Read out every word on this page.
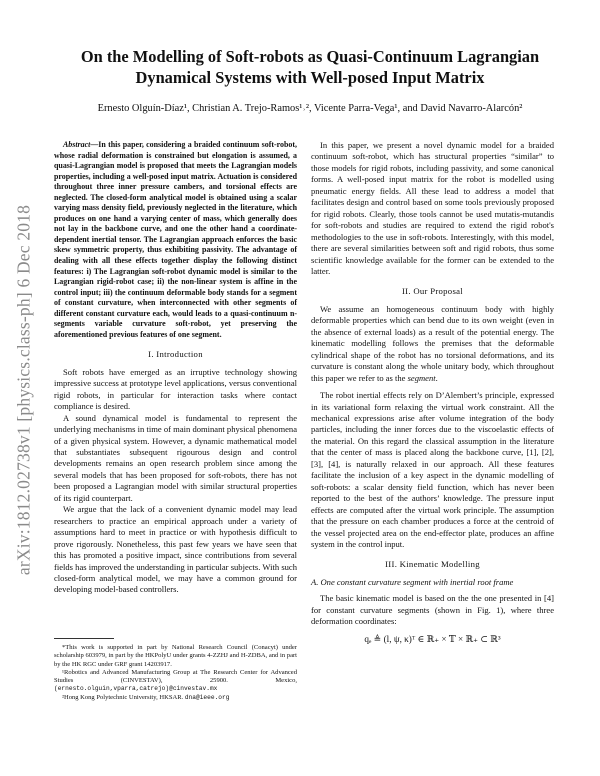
arXiv:1812.02738v1 [physics.class-ph] 6 Dec 2018
On the Modelling of Soft-robots as Quasi-Continuum Lagrangian
Dynamical Systems with Well-posed Input Matrix
Ernesto Olguín-Díaz¹, Christian A. Trejo-Ramos¹˒², Vicente Parra-Vega¹, and David Navarro-Alarcón²

Abstract—In this paper, considering a braided continuum soft-robot, whose radial deformation is constrained but elongation is assumed, a quasi-Lagrangian model is proposed that meets the Lagrangian models properties, including a well-posed input matrix. Actuation is considered throughout three inner pressure cambers, and torsional effects are neglected. The closed-form analytical model is obtained using a scalar varying mass density field, previously neglected in the literature, which produces on one hand a varying center of mass, which generally does not lay in the backbone curve, and one the other hand a coordinate-dependent inertial tensor. The Lagrangian approach enforces the basic skew symmetric property, thus exhibiting passivity. The advantage of dealing with all these effects together display the following distinct features: i) The Lagrangian soft-robot dynamic model is similar to the Lagrangian rigid-robot case; ii) the non-linear system is affine in the control input; iii) the continuum deformable body stands for a segment of constant curvature, when interconnected with other segments of different constant curvature each, would leads to a quasi-continuum n-segments variable curvature soft-robot, yet preserving the aforementioned previous features of one segment.

I. Introduction

Soft robots have emerged as an irruptive technology showing impressive success at prototype level applications, versus conventional rigid robots, in particular for interaction tasks where contact compliance is desired.

A sound dynamical model is fundamental to represent the underlying mechanisms in time of main dominant physical phenomena of a given physical system. However, a dynamic mathematical model that substantiates subsequent rigourous design and control developments remains an open research problem since among the several models that has been proposed for soft-robots, there has not been proposed a Lagrangian model with similar structural properties of its rigid counterpart.

We argue that the lack of a convenient dynamic model may lead researchers to practice an empirical approach under a variety of assumptions hard to meet in practice or with hypothesis difficult to prove rigorously. Nonetheless, this past few years we have seen that this has promoted a positive impact, since contributions from several fields has improved the understanding in particular subjects. With such closed-form analytical model, we may have a common ground for developing model-based controllers.

*This work is supported in part by National Research Council (Conacyt) under scholarship 603979, in part by the HKPolyU under grants 4-ZZHJ and H-ZDBA, and in part by the HK RGC under GRF grant 14203917.

¹Robotics and Advanced Manufacturing Group at The Research Center for Advanced Studies (CINVESTAV), 25900. Mexico, (ernesto.olguin,vparra,catrejo)@cinvestav.mx

²Hong Kong Polytechnic University, HKSAR. dna@ieee.org

In this paper, we present a novel dynamic model for a braided continuum soft-robot, which has structural properties “similar” to those models for rigid robots, including passivity, and some canonical forms. A well-posed input matrix for the robot is modelled using pneumatic energy fields. All these lead to address a model that facilitates design and control based on some tools previously proposed for rigid robots. Clearly, those tools cannot be used mutatis-mutandis for soft-robots and studies are required to extend the rigid robot's methodologies to the use in soft-robots. Interestingly, with this model, there are several similarities between soft and rigid robots, thus some scientific knowledge available for the former can be extended to the latter.

II. Our Proposal

We assume an homogeneous continuum body with highly deformable properties which can bend due to its own weight (even in the absence of external loads) as a result of the potential energy. The kinematic modelling follows the premises that the deformable cylindrical shape of the robot has no torsional deformations, and its curvature is constant along the whole unitary body, which throughout this paper we refer to as the segment.

The robot inertial effects rely on D’Alembert’s principle, expressed in its variational form relaxing the virtual work constraint. All the mechanical expressions arise after volume integration of the body particles, including the inner forces due to the viscoelastic effects of the material. On this regard the classical assumption in the literature that the center of mass is placed along the backbone curve, [1], [2], [3], [4], is naturally relaxed in our approach. All these features facilitate the inclusion of a key aspect in the dynamic modelling of soft-robots: a scalar density field function, which has never been reported to the best of the authors’ knowledge. The pressure input effects are computed after the virtual work principle. The assumption that the pressure on each chamber produces a force at the centroid of the vessel projected area on the end-effector plate, produces an affine system in the control input.

III. Kinematic Modelling
A. One constant curvature segment with inertial root frame

The basic kinematic model is based on the the one presented in [4] for constant curvature segments (shown in Fig. 1), where three deformation coordinates:

qₑ ≜ (l, ψ, κ)ᵀ ∈ ℝ₊ × 𝕋 × ℝ₊ ⊂ ℝ³
